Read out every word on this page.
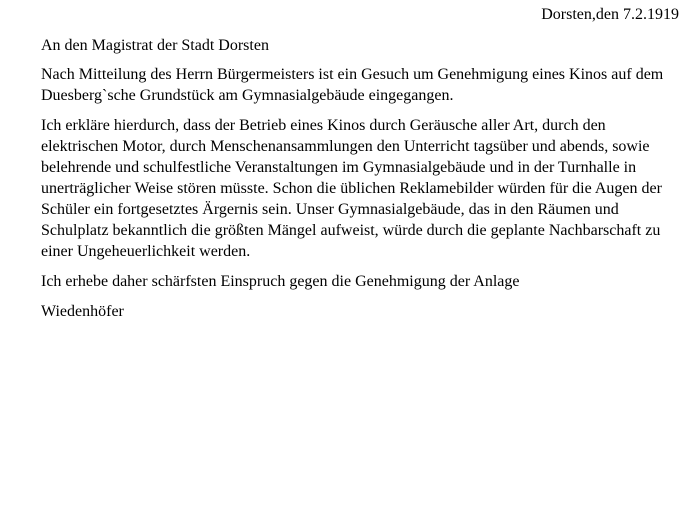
Dorsten,den 7.2.1919

An den Magistrat der Stadt Dorsten

Nach Mitteilung des Herrn Bürgermeisters ist ein Gesuch um Genehmigung eines Kinos auf dem Duesberg`sche Grundstück am Gymnasialgebäude eingegangen.

Ich erkläre hierdurch, dass der Betrieb eines Kinos durch Geräusche aller Art, durch den elektrischen Motor, durch Menschenansammlungen den Unterricht tagsüber und abends, sowie belehrende und schulfestliche Veranstaltungen im Gymnasialgebäude und in der Turnhalle in unerträglicher Weise stören müsste. Schon die üblichen Reklamebilder würden für die Augen der Schüler ein fortgesetztes Ärgernis sein. Unser Gymnasialgebäude, das in den Räumen und Schulplatz bekanntlich die größten Mängel aufweist, würde durch die geplante Nachbarschaft zu einer Ungeheuerlichkeit werden.

Ich erhebe daher schärfsten Einspruch gegen die Genehmigung der Anlage

Wiedenhöfer
